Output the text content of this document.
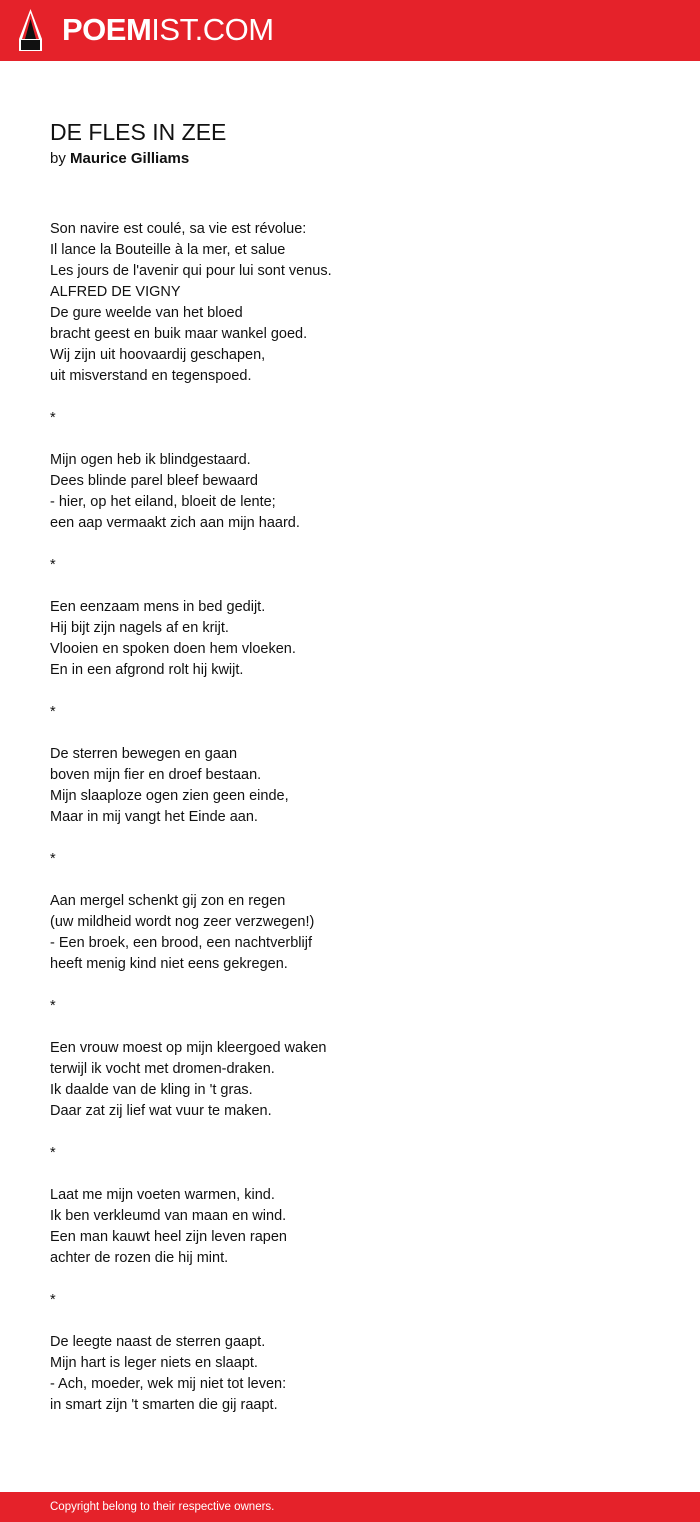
POEMIST.COM
DE FLES IN ZEE
by Maurice Gilliams
Son navire est coulé, sa vie est révolue:
Il lance la Bouteille à la mer, et salue
Les jours de l'avenir qui pour lui sont venus.
ALFRED DE VIGNY
De gure weelde van het bloed
bracht geest en buik maar wankel goed.
Wij zijn uit hoovaardij geschapen,
uit misverstand en tegenspoed.
*
Mijn ogen heb ik blindgestaard.
Dees blinde parel bleef bewaard
- hier, op het eiland, bloeit de lente;
een aap vermaakt zich aan mijn haard.
*
Een eenzaam mens in bed gedijt.
Hij bijt zijn nagels af en krijt.
Vlooien en spoken doen hem vloeken.
En in een afgrond rolt hij kwijt.
*
De sterren bewegen en gaan
boven mijn fier en droef bestaan.
Mijn slaaploze ogen zien geen einde,
Maar in mij vangt het Einde aan.
*
Aan mergel schenkt gij zon en regen
(uw mildheid wordt nog zeer verzwegen!)
- Een broek, een brood, een nachtverblijf
heeft menig kind niet eens gekregen.
*
Een vrouw moest op mijn kleergoed waken
terwijl ik vocht met dromen-draken.
Ik daalde van de kling in 't gras.
Daar zat zij lief wat vuur te maken.
*
Laat me mijn voeten warmen, kind.
Ik ben verkleumd van maan en wind.
Een man kauwt heel zijn leven rapen
achter de rozen die hij mint.
*
De leegte naast de sterren gaapt.
Mijn hart is leger niets en slaapt.
- Ach, moeder, wek mij niet tot leven:
in smart zijn 't smarten die gij raapt.
Copyright belong to their respective owners.
